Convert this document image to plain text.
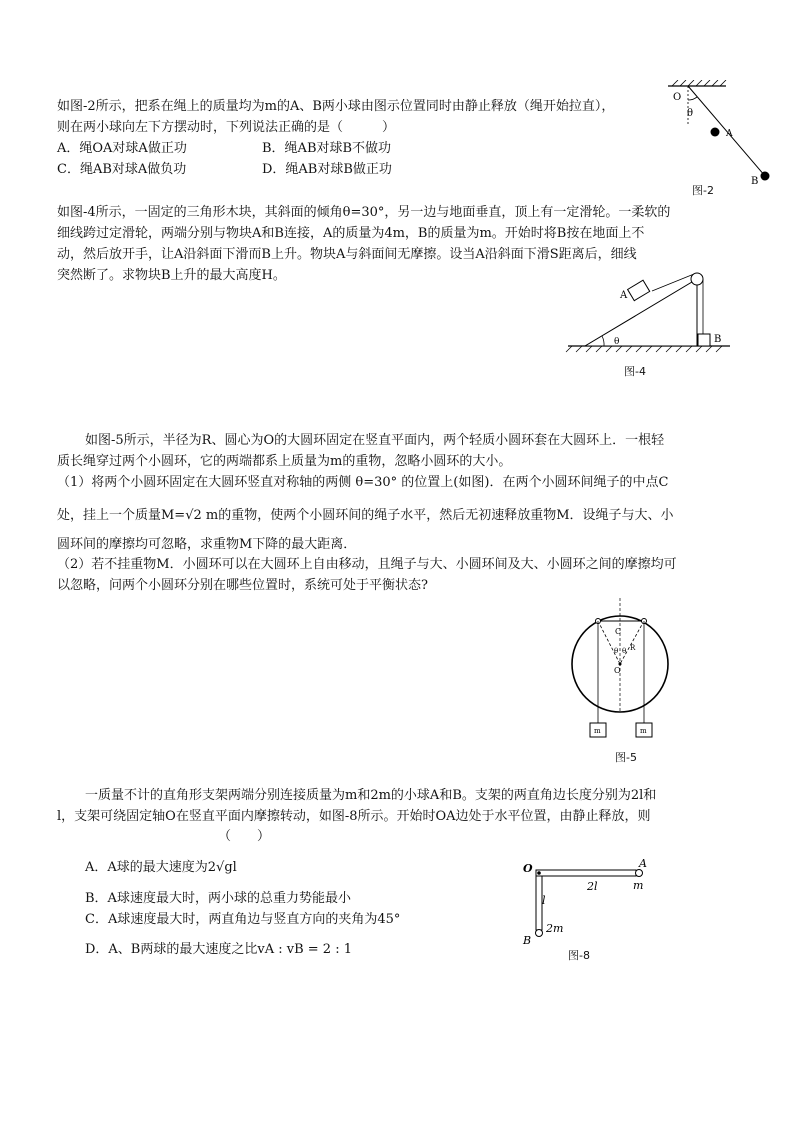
如图-2所示，把系在绳上的质量均为m的A、B两小球由图示位置同时由静止释放（绳开始拉直），
则在两小球向左下方摆动时，下列说法正确的是（　　　）
A．绳OA对球A做正功	B．绳AB对球B不做功
C．绳AB对球A做负功	D．绳AB对球B做正功
O
θ
A
B
图-2
如图-4所示，一固定的三角形木块，其斜面的倾角θ=30°，另一边与地面垂直，顶上有一定滑轮。一柔软的
细线跨过定滑轮，两端分别与物块A和B连接，A的质量为4m，B的质量为m。开始时将B按在地面上不
动，然后放开手，让A沿斜面下滑而B上升。物块A与斜面间无摩擦。设当A沿斜面下滑S距离后，细线
突然断了。求物块B上升的最大高度H。
A
B
θ
图-4
如图-5所示，半径为R、圆心为O的大圆环固定在竖直平面内，两个轻质小圆环套在大圆环上．一根轻
质长绳穿过两个小圆环，它的两端都系上质量为m的重物，忽略小圆环的大小。
（1）将两个小圆环固定在大圆环竖直对称轴的两侧 θ=30° 的位置上(如图)．在两个小圆环间绳子的中点C
处，挂上一个质量M=√2 m的重物，使两个小圆环间的绳子水平，然后无初速释放重物M．设绳子与大、小
圆环间的摩擦均可忽略，求重物M下降的最大距离．
（2）若不挂重物M．小圆环可以在大圆环上自由移动，且绳子与大、小圆环间及大、小圆环之间的摩擦均可
以忽略，问两个小圆环分别在哪些位置时，系统可处于平衡状态?
C
θ θ R
O
m	m
图-5
一质量不计的直角形支架两端分别连接质量为m和2m的小球A和B。支架的两直角边长度分别为2l和
l，支架可绕固定轴O在竖直平面内摩擦转动，如图-8所示。开始时OA边处于水平位置，由静止释放，则
（　　）
A．A球的最大速度为2√gl
B．A球速度最大时，两小球的总重力势能最小
C．A球速度最大时，两直角边与竖直方向的夹角为45°
D．A、B两球的最大速度之比vA : vB = 2 : 1
O	A
2l	m
l
B
2m
图-8
